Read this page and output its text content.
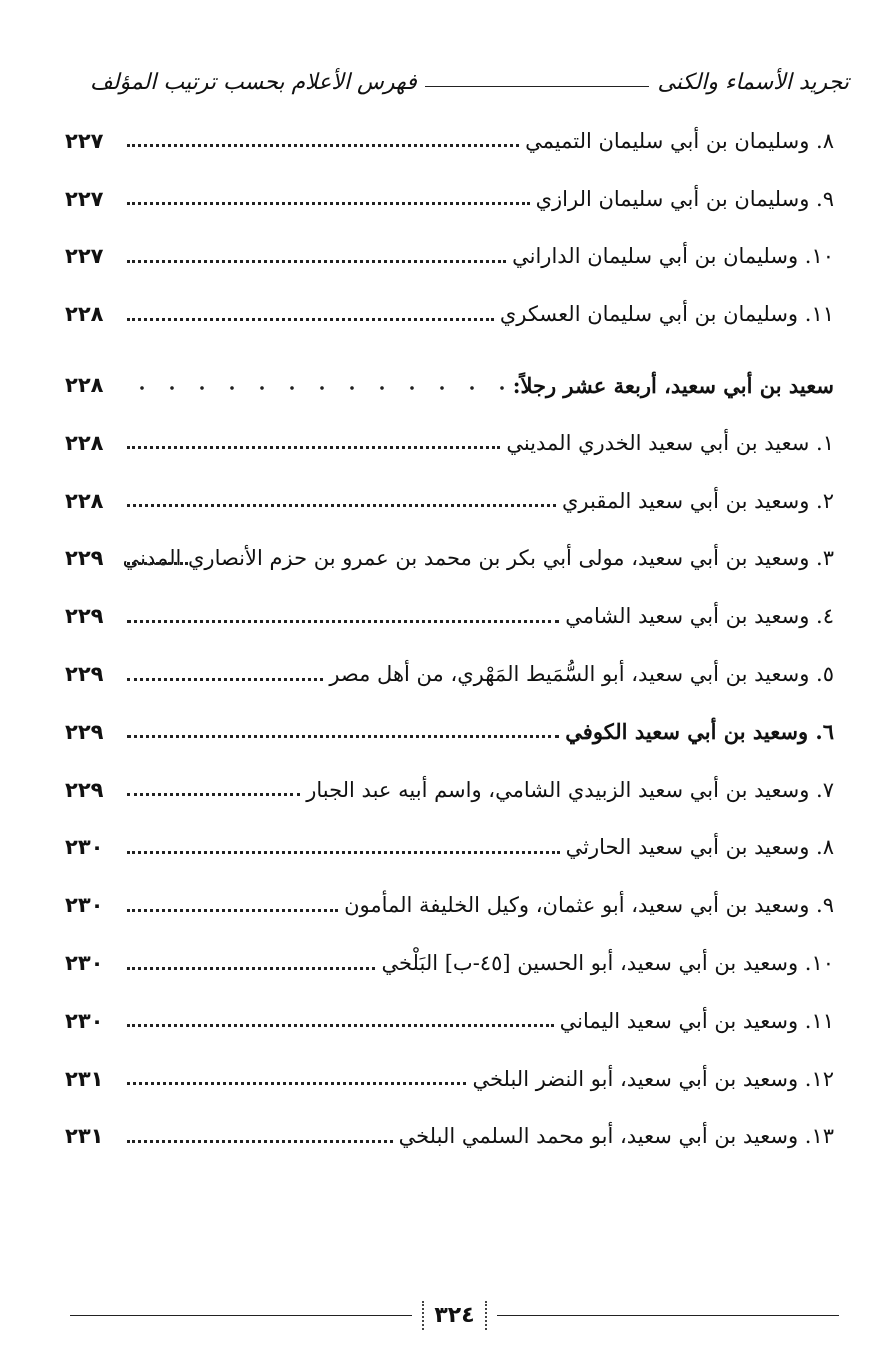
تجريد الأسماء والكنى
فهرس الأعلام بحسب ترتيب المؤلف
٨. وسليمان بن أبي سليمان التميمي
٢٢٧
٩. وسليمان بن أبي سليمان الرازي
٢٢٧
١٠. وسليمان بن أبي سليمان الداراني
٢٢٧
١١. وسليمان بن أبي سليمان العسكري
٢٢٨
سعيد بن أبي سعيد، أربعة عشر رجلاً:
٢٢٨
١. سعيد بن أبي سعيد الخدري المديني
٢٢٨
٢. وسعيد بن أبي سعيد المقبري
٢٢٨
٣. وسعيد بن أبي سعيد، مولى أبي بكر بن محمد بن عمرو بن حزم الأنصاري المدني
٢٢٩
٤. وسعيد بن أبي سعيد الشامي
٢٢٩
٥. وسعيد بن أبي سعيد، أبو السُّمَيط المَهْري، من أهل مصر
٢٢٩
٦. وسعيد بن أبي سعيد الكوفي
٢٢٩
٧. وسعيد بن أبي سعيد الزبيدي الشامي، واسم أبيه عبد الجبار
٢٢٩
٨. وسعيد بن أبي سعيد الحارثي
٢٣٠
٩. وسعيد بن أبي سعيد، أبو عثمان، وكيل الخليفة المأمون
٢٣٠
١٠. وسعيد بن أبي سعيد، أبو الحسين [٤٥-ب] البَلْخي
٢٣٠
١١. وسعيد بن أبي سعيد اليماني
٢٣٠
١٢. وسعيد بن أبي سعيد، أبو النضر البلخي
٢٣١
١٣. وسعيد بن أبي سعيد، أبو محمد السلمي البلخي
٢٣١
٣٢٤
